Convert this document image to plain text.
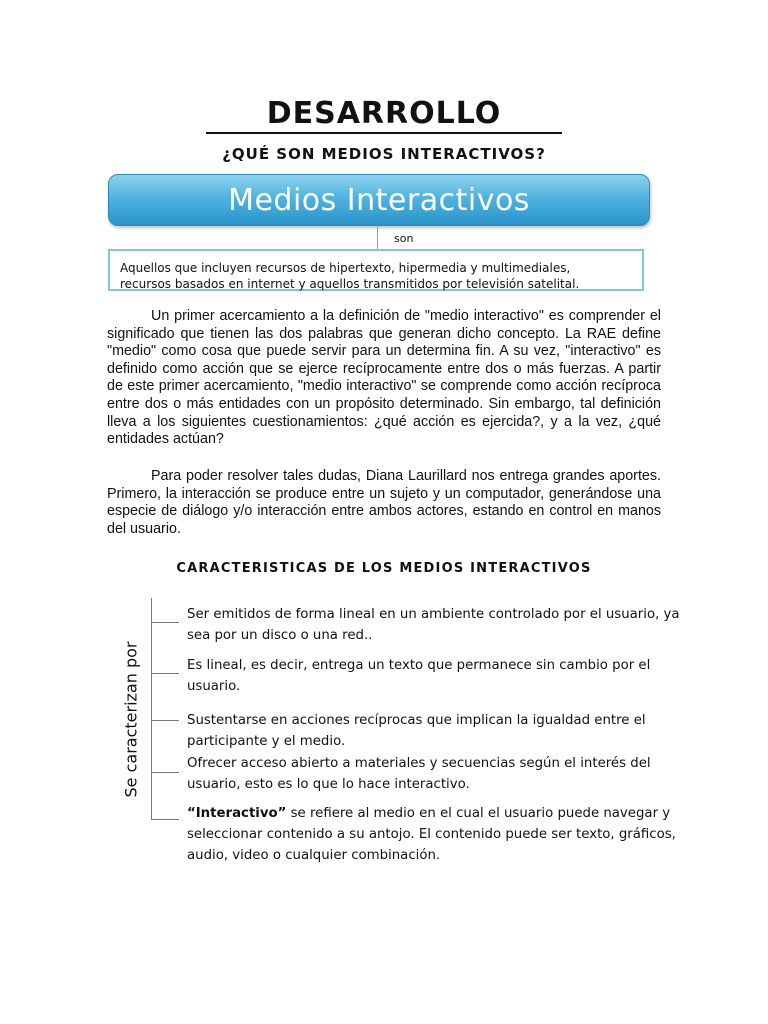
DESARROLLO
¿QUÉ SON MEDIOS INTERACTIVOS?
Medios Interactivos
son
Aquellos que incluyen recursos de hipertexto, hipermedia y multimediales,
recursos basados en internet y aquellos transmitidos por televisión satelital.
Un primer acercamiento a la definición de "medio interactivo" es comprender el significado que tienen las dos palabras que generan dicho concepto. La RAE define "medio" como cosa que puede servir para un determina fin. A su vez, "interactivo" es definido como acción que se ejerce recíprocamente entre dos o más fuerzas. A partir de este primer acercamiento, "medio interactivo" se comprende como acción recíproca entre dos o más entidades con un propósito determinado. Sin embargo, tal definición lleva a los siguientes cuestionamientos: ¿qué acción es ejercida?, y a la vez, ¿qué entidades actúan?
Para poder resolver tales dudas, Diana Laurillard nos entrega grandes aportes. Primero, la interacción se produce entre un sujeto y un computador, generándose una especie de diálogo y/o interacción entre ambos actores, estando en control en manos del usuario.
CARACTERISTICAS DE LOS MEDIOS INTERACTIVOS
Se caracterizan por
Ser emitidos de forma lineal en un ambiente controlado por el usuario, ya sea por un disco o una red..
Es lineal, es decir, entrega un texto que permanece sin cambio por el usuario.
Sustentarse en acciones recíprocas que implican la igualdad entre el participante y el medio.
Ofrecer acceso abierto a materiales y secuencias según el interés del usuario, esto es lo que lo hace interactivo.
“Interactivo” se refiere al medio en el cual el usuario puede navegar y seleccionar contenido a su antojo. El contenido puede ser texto, gráficos, audio, video o cualquier combinación.
